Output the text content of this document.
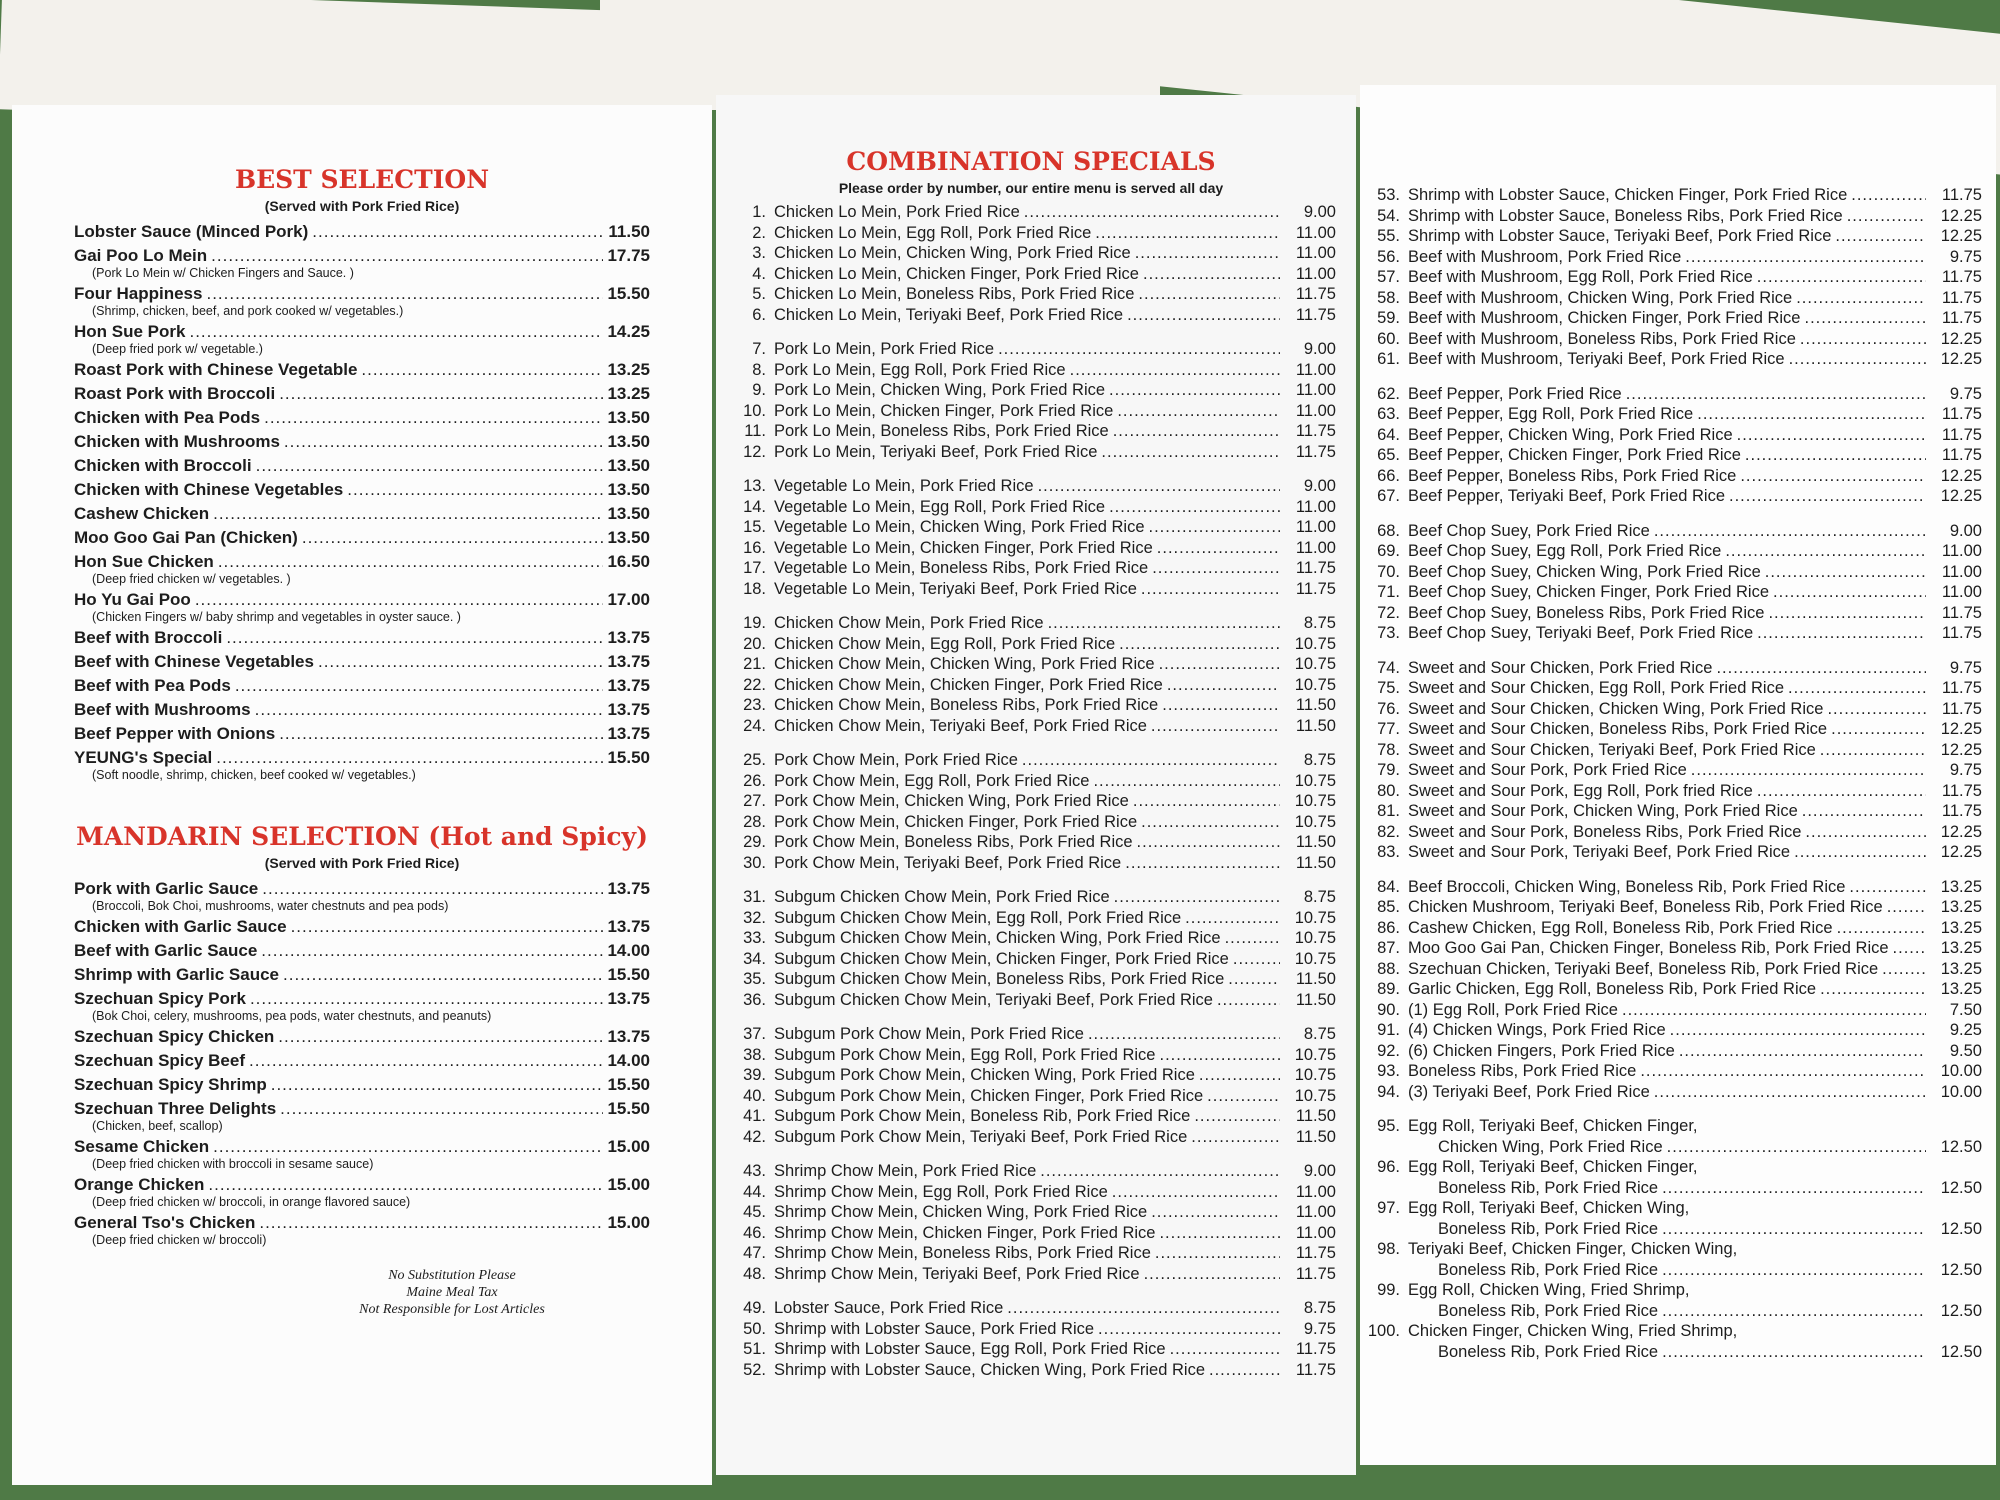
BEST SELECTION
(Served with Pork Fried Rice)
Lobster Sauce (Minced Pork) .....	11.50
Gai Poo Lo Mein .....	17.75
(Pork Lo Mein w/ Chicken Fingers and Sauce. )
Four Happiness .....	15.50
(Shrimp, chicken, beef, and pork cooked w/ vegetables.)
Hon Sue Pork .....	14.25
(Deep fried pork w/ vegetable.)
Roast Pork with Chinese Vegetable .....	13.25
Roast Pork with Broccoli .....	13.25
Chicken with Pea Pods .....	13.50
Chicken with Mushrooms .....	13.50
Chicken with Broccoli .....	13.50
Chicken with Chinese Vegetables .....	13.50
Cashew Chicken .....	13.50
Moo Goo Gai Pan (Chicken) .....	13.50
Hon Sue Chicken .....	16.50
(Deep fried chicken w/ vegetables. )
Ho Yu Gai Poo .....	17.00
(Chicken Fingers w/ baby shrimp and vegetables in oyster sauce. )
Beef with Broccoli .....	13.75
Beef with Chinese Vegetables .....	13.75
Beef with Pea Pods .....	13.75
Beef with Mushrooms .....	13.75
Beef Pepper with Onions .....	13.75
YEUNG's Special .....	15.50
(Soft noodle, shrimp, chicken, beef cooked w/ vegetables.)
MANDARIN SELECTION (Hot and Spicy)
(Served with Pork Fried Rice)
Pork with Garlic Sauce .....	13.75
(Broccoli, Bok Choi, mushrooms, water chestnuts and pea pods)
Chicken with Garlic Sauce .....	13.75
Beef with Garlic Sauce .....	14.00
Shrimp with Garlic Sauce .....	15.50
Szechuan Spicy Pork .....	13.75
(Bok Choi, celery, mushrooms, pea pods, water chestnuts, and peanuts)
Szechuan Spicy Chicken .....	13.75
Szechuan Spicy Beef .....	14.00
Szechuan Spicy Shrimp .....	15.50
Szechuan Three Delights .....	15.50
(Chicken, beef, scallop)
Sesame Chicken .....	15.00
(Deep fried chicken with broccoli in sesame sauce)
Orange Chicken .....	15.00
(Deep fried chicken w/ broccoli, in orange flavored sauce)
General Tso's Chicken .....	15.00
(Deep fried chicken w/ broccoli)
No Substitution Please
Maine Meal Tax
Not Responsible for Lost Articles
COMBINATION SPECIALS
Please order by number, our entire menu is served all day
1. Chicken Lo Mein, Pork Fried Rice .....	9.00
2. Chicken Lo Mein, Egg Roll, Pork Fried Rice .....	11.00
3. Chicken Lo Mein, Chicken Wing, Pork Fried Rice .....	11.00
4. Chicken Lo Mein, Chicken Finger, Pork Fried Rice .....	11.00
5. Chicken Lo Mein, Boneless Ribs, Pork Fried Rice .....	11.75
6. Chicken Lo Mein, Teriyaki Beef, Pork Fried Rice .....	11.75
7. Pork Lo Mein, Pork Fried Rice .....	9.00
8. Pork Lo Mein, Egg Roll, Pork Fried Rice .....	11.00
9. Pork Lo Mein, Chicken Wing, Pork Fried Rice .....	11.00
10. Pork Lo Mein, Chicken Finger, Pork Fried Rice .....	11.00
11. Pork Lo Mein, Boneless Ribs, Pork Fried Rice .....	11.75
12. Pork Lo Mein, Teriyaki Beef, Pork Fried Rice .....	11.75
13. Vegetable Lo Mein, Pork Fried Rice .....	9.00
14. Vegetable Lo Mein, Egg Roll, Pork Fried Rice .....	11.00
15. Vegetable Lo Mein, Chicken Wing, Pork Fried Rice .....	11.00
16. Vegetable Lo Mein, Chicken Finger, Pork Fried Rice .....	11.00
17. Vegetable Lo Mein, Boneless Ribs, Pork Fried Rice .....	11.75
18. Vegetable Lo Mein, Teriyaki Beef, Pork Fried Rice .....	11.75
19. Chicken Chow Mein, Pork Fried Rice .....	8.75
20. Chicken Chow Mein, Egg Roll, Pork Fried Rice .....	10.75
21. Chicken Chow Mein, Chicken Wing, Pork Fried Rice .....	10.75
22. Chicken Chow Mein, Chicken Finger, Pork Fried Rice .....	10.75
23. Chicken Chow Mein, Boneless Ribs, Pork Fried Rice .....	11.50
24. Chicken Chow Mein, Teriyaki Beef, Pork Fried Rice .....	11.50
25. Pork Chow Mein, Pork Fried Rice .....	8.75
26. Pork Chow Mein, Egg Roll, Pork Fried Rice .....	10.75
27. Pork Chow Mein, Chicken Wing, Pork Fried Rice .....	10.75
28. Pork Chow Mein, Chicken Finger, Pork Fried Rice .....	10.75
29. Pork Chow Mein, Boneless Ribs, Pork Fried Rice .....	11.50
30. Pork Chow Mein, Teriyaki Beef, Pork Fried Rice .....	11.50
31. Subgum Chicken Chow Mein, Pork Fried Rice .....	8.75
32. Subgum Chicken Chow Mein, Egg Roll, Pork Fried Rice .....	10.75
33. Subgum Chicken Chow Mein, Chicken Wing, Pork Fried Rice .....	10.75
34. Subgum Chicken Chow Mein, Chicken Finger, Pork Fried Rice .....	10.75
35. Subgum Chicken Chow Mein, Boneless Ribs, Pork Fried Rice .....	11.50
36. Subgum Chicken Chow Mein, Teriyaki Beef, Pork Fried Rice .....	11.50
37. Subgum Pork Chow Mein, Pork Fried Rice .....	8.75
38. Subgum Pork Chow Mein, Egg Roll, Pork Fried Rice .....	10.75
39. Subgum Pork Chow Mein, Chicken Wing, Pork Fried Rice .....	10.75
40. Subgum Pork Chow Mein, Chicken Finger, Pork Fried Rice .....	10.75
41. Subgum Pork Chow Mein, Boneless Rib, Pork Fried Rice .....	11.50
42. Subgum Pork Chow Mein, Teriyaki Beef, Pork Fried Rice .....	11.50
43. Shrimp Chow Mein, Pork Fried Rice .....	9.00
44. Shrimp Chow Mein, Egg Roll, Pork Fried Rice .....	11.00
45. Shrimp Chow Mein, Chicken Wing, Pork Fried Rice .....	11.00
46. Shrimp Chow Mein, Chicken Finger, Pork Fried Rice .....	11.00
47. Shrimp Chow Mein, Boneless Ribs, Pork Fried Rice .....	11.75
48. Shrimp Chow Mein, Teriyaki Beef, Pork Fried Rice .....	11.75
49. Lobster Sauce, Pork Fried Rice .....	8.75
50. Shrimp with Lobster Sauce, Pork Fried Rice .....	9.75
51. Shrimp with Lobster Sauce, Egg Roll, Pork Fried Rice .....	11.75
52. Shrimp with Lobster Sauce, Chicken Wing, Pork Fried Rice .....	11.75
53. Shrimp with Lobster Sauce, Chicken Finger, Pork Fried Rice .....	11.75
54. Shrimp with Lobster Sauce, Boneless Ribs, Pork Fried Rice .....	12.25
55. Shrimp with Lobster Sauce, Teriyaki Beef, Pork Fried Rice .....	12.25
56. Beef with Mushroom, Pork Fried Rice .....	9.75
57. Beef with Mushroom, Egg Roll, Pork Fried Rice .....	11.75
58. Beef with Mushroom, Chicken Wing, Pork Fried Rice .....	11.75
59. Beef with Mushroom, Chicken Finger, Pork Fried Rice .....	11.75
60. Beef with Mushroom, Boneless Ribs, Pork Fried Rice .....	12.25
61. Beef with Mushroom, Teriyaki Beef, Pork Fried Rice .....	12.25
62. Beef Pepper, Pork Fried Rice .....	9.75
63. Beef Pepper, Egg Roll, Pork Fried Rice .....	11.75
64. Beef Pepper, Chicken Wing, Pork Fried Rice .....	11.75
65. Beef Pepper, Chicken Finger, Pork Fried Rice .....	11.75
66. Beef Pepper, Boneless Ribs, Pork Fried Rice .....	12.25
67. Beef Pepper, Teriyaki Beef, Pork Fried Rice .....	12.25
68. Beef Chop Suey, Pork Fried Rice .....	9.00
69. Beef Chop Suey, Egg Roll, Pork Fried Rice .....	11.00
70. Beef Chop Suey, Chicken Wing, Pork Fried Rice .....	11.00
71. Beef Chop Suey, Chicken Finger, Pork Fried Rice .....	11.00
72. Beef Chop Suey, Boneless Ribs, Pork Fried Rice .....	11.75
73. Beef Chop Suey, Teriyaki Beef, Pork Fried Rice .....	11.75
74. Sweet and Sour Chicken, Pork Fried Rice .....	9.75
75. Sweet and Sour Chicken, Egg Roll, Pork Fried Rice .....	11.75
76. Sweet and Sour Chicken, Chicken Wing, Pork Fried Rice .....	11.75
77. Sweet and Sour Chicken, Boneless Ribs, Pork Fried Rice .....	12.25
78. Sweet and Sour Chicken, Teriyaki Beef, Pork Fried Rice .....	12.25
79. Sweet and Sour Pork, Pork Fried Rice .....	9.75
80. Sweet and Sour Pork, Egg Roll, Pork fried Rice .....	11.75
81. Sweet and Sour Pork, Chicken Wing, Pork Fried Rice .....	11.75
82. Sweet and Sour Pork, Boneless Ribs, Pork Fried Rice .....	12.25
83. Sweet and Sour Pork, Teriyaki Beef, Pork Fried Rice .....	12.25
84. Beef Broccoli, Chicken Wing, Boneless Rib, Pork Fried Rice .....	13.25
85. Chicken Mushroom, Teriyaki Beef, Boneless Rib, Pork Fried Rice .....	13.25
86. Cashew Chicken, Egg Roll, Boneless Rib, Pork Fried Rice .....	13.25
87. Moo Goo Gai Pan, Chicken Finger, Boneless Rib, Pork Fried Rice .....	13.25
88. Szechuan Chicken, Teriyaki Beef, Boneless Rib, Pork Fried Rice .....	13.25
89. Garlic Chicken, Egg Roll, Boneless Rib, Pork Fried Rice .....	13.25
90. (1) Egg Roll, Pork Fried Rice .....	7.50
91. (4) Chicken Wings, Pork Fried Rice .....	9.25
92. (6) Chicken Fingers, Pork Fried Rice .....	9.50
93. Boneless Ribs, Pork Fried Rice .....	10.00
94. (3) Teriyaki Beef, Pork Fried Rice .....	10.00
95. Egg Roll, Teriyaki Beef, Chicken Finger,
Chicken Wing, Pork Fried Rice .....	12.50
96. Egg Roll, Teriyaki Beef, Chicken Finger,
Boneless Rib, Pork Fried Rice .....	12.50
97. Egg Roll, Teriyaki Beef, Chicken Wing,
Boneless Rib, Pork Fried Rice .....	12.50
98. Teriyaki Beef, Chicken Finger, Chicken Wing,
Boneless Rib, Pork Fried Rice .....	12.50
99. Egg Roll, Chicken Wing, Fried Shrimp,
Boneless Rib, Pork Fried Rice .....	12.50
100. Chicken Finger, Chicken Wing, Fried Shrimp,
Boneless Rib, Pork Fried Rice .....	12.50
